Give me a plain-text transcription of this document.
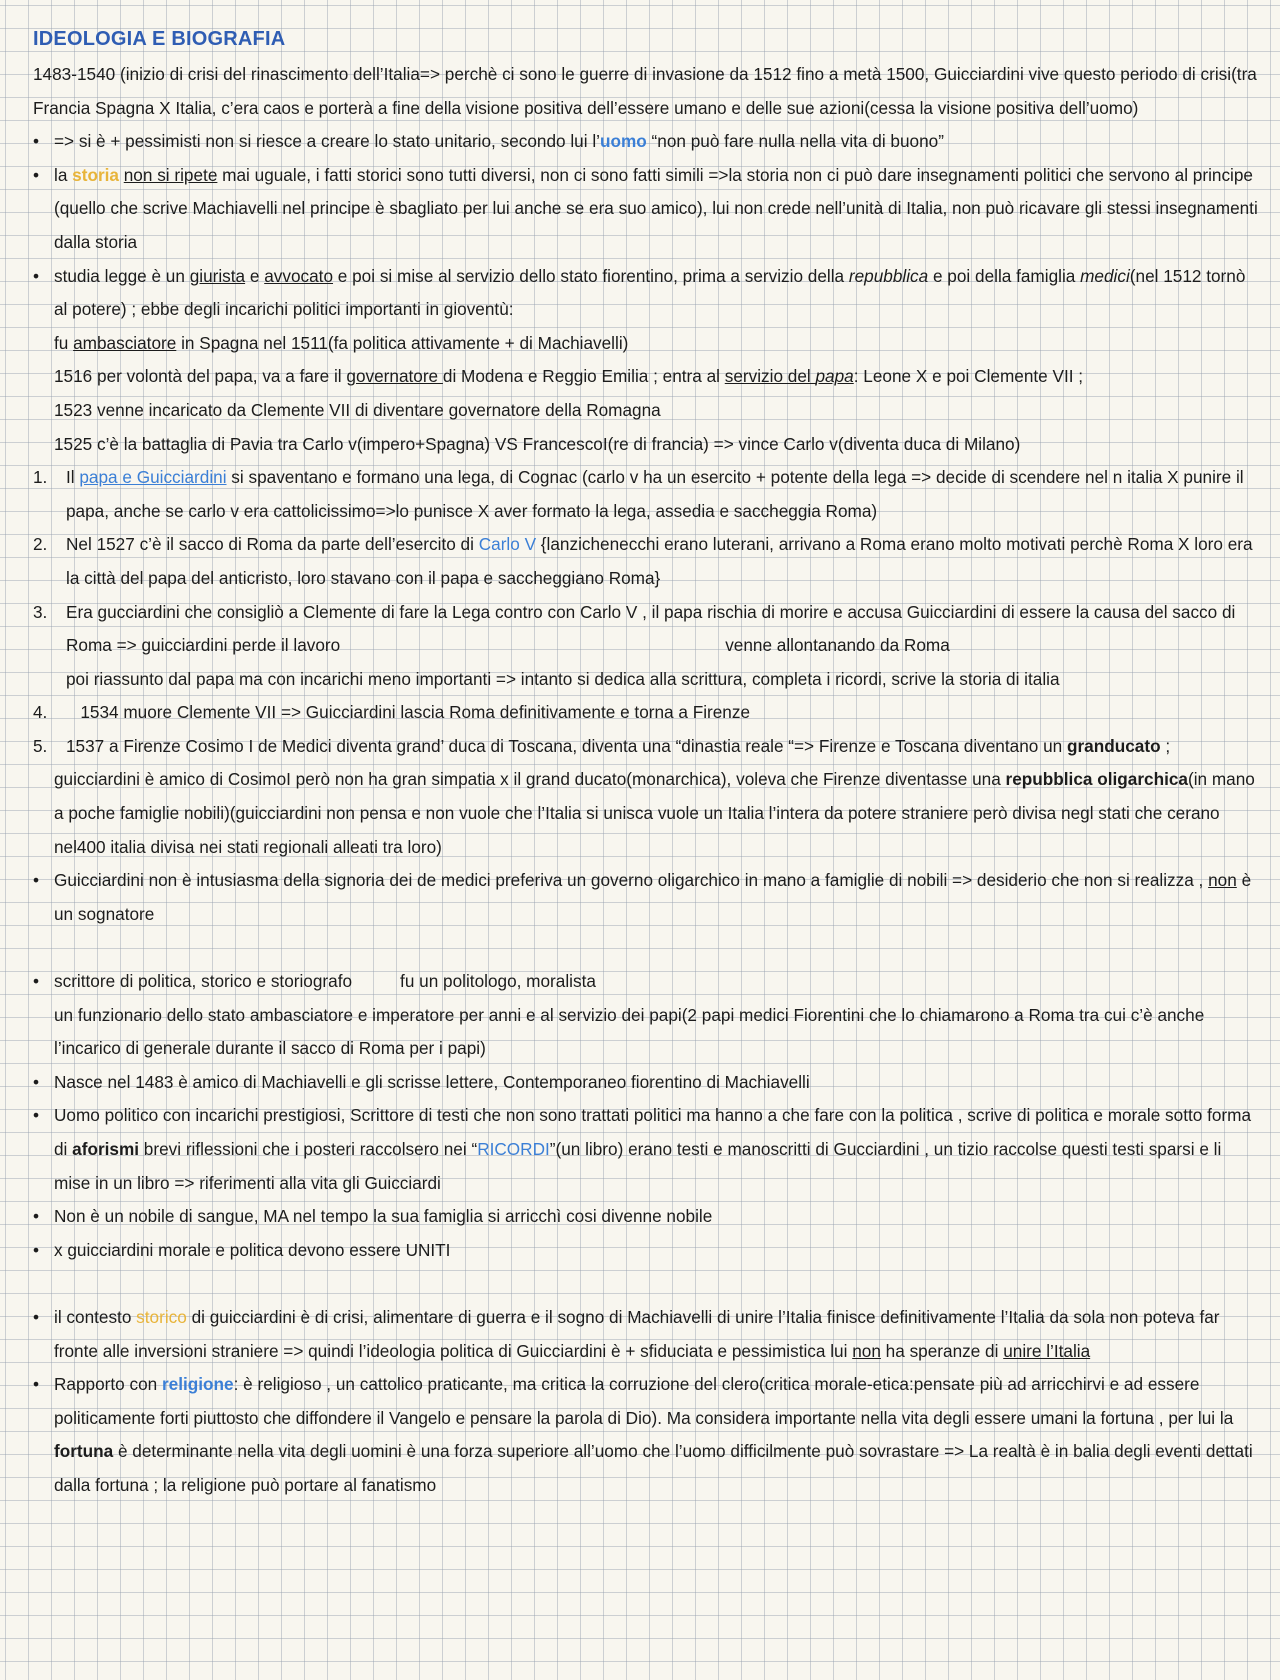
IDEOLOGIA E BIOGRAFIA

1483-1540 (inizio di crisi del rinascimento dell’Italia=> perchè ci sono le guerre di invasione da 1512 fino a metà 1500, Guicciardini vive questo periodo di crisi(tra Francia Spagna X Italia, c’era caos e porterà a fine della visione positiva dell’essere umano e delle sue azioni(cessa la visione positiva dell’uomo)

• => si è + pessimisti non si riesce a creare lo stato unitario, secondo lui l’uomo “non può fare nulla nella vita di buono”
• la storia non si ripete mai uguale, i fatti storici sono tutti diversi, non ci sono fatti simili =>la storia non ci può dare insegnamenti politici che servono al principe (quello che scrive Machiavelli nel principe è sbagliato per lui anche se era suo amico), lui non crede nell’unità di Italia, non può ricavare gli stessi insegnamenti dalla storia
• studia legge è un giurista e avvocato e poi si mise al servizio dello stato fiorentino, prima a servizio della repubblica e poi della famiglia medici(nel 1512 tornò al potere) ; ebbe degli incarichi politici importanti in gioventù:
fu ambasciatore in Spagna nel 1511(fa politica attivamente + di Machiavelli)
1516 per volontà del papa, va a fare il governatore di Modena e Reggio Emilia ; entra al servizio del papa: Leone X e poi Clemente VII ;
1523 venne incaricato da Clemente VII di diventare governatore della Romagna
1525 c’è la battaglia di Pavia tra Carlo v(impero+Spagna) VS FrancescoI(re di francia) => vince Carlo v(diventa duca di Milano)
1. Il papa e Guicciardini si spaventano e formano una lega, di Cognac (carlo v ha un esercito + potente della lega => decide di scendere nel n italia X punire il papa, anche se carlo v era cattolicissimo=>lo punisce X aver formato la lega, assedia e saccheggia Roma)
2. Nel 1527 c’è il sacco di Roma da parte dell’esercito di Carlo V {lanzichenecchi erano luterani, arrivano a Roma erano molto motivati perchè Roma X loro era la città del papa del anticristo, loro stavano con il papa e saccheggiano Roma}
3. Era gucciardini che consigliò a Clemente di fare la Lega contro con Carlo V , il papa rischia di morire e accusa Guicciardini di essere la causa del sacco di Roma => guicciardini perde il lavoro	venne allontanando da Roma
poi riassunto dal papa ma con incarichi meno importanti => intanto si dedica alla scrittura, completa i ricordi, scrive la storia di italia
4. 1534 muore Clemente VII => Guicciardini lascia Roma definitivamente e torna a Firenze
5. 1537 a Firenze Cosimo I de Medici diventa grand’ duca di Toscana, diventa una “dinastia reale “=> Firenze e Toscana diventano un granducato ; guicciardini è amico di CosimoI però non ha gran simpatia x il grand ducato(monarchica), voleva che Firenze diventasse una repubblica oligarchica(in mano a poche famiglie nobili)(guicciardini non pensa e non vuole che l’Italia si unisca vuole un Italia l’intera da potere straniere però divisa negl stati che cerano nel400 italia divisa nei stati regionali alleati tra loro)
• Guicciardini non è intusiasma della signoria dei de medici preferiva un governo oligarchico in mano a famiglie di nobili => desiderio che non si realizza , non è un sognatore
• scrittore di politica, storico e storiografo	fu un politologo, moralista
un funzionario dello stato ambasciatore e imperatore per anni e al servizio dei papi(2 papi medici Fiorentini che lo chiamarono a Roma tra cui c’è anche l’incarico di generale durante il sacco di Roma per i papi)
• Nasce nel 1483 è amico di Machiavelli e gli scrisse lettere, Contemporaneo fiorentino di Machiavelli
• Uomo politico con incarichi prestigiosi, Scrittore di testi che non sono trattati politici ma hanno a che fare con la politica , scrive di politica e morale sotto forma di aforismi brevi riflessioni che i posteri raccolsero nei “RICORDI”(un libro) erano testi e manoscritti di Gucciardini , un tizio raccolse questi testi sparsi e li mise in un libro => riferimenti alla vita gli Guicciardi
• Non è un nobile di sangue, MA nel tempo la sua famiglia si arricchì cosi divenne nobile
• x guicciardini morale e politica devono essere UNITI
• il contesto storico di guicciardini è di crisi, alimentare di guerra e il sogno di Machiavelli di unire l’Italia finisce definitivamente l’Italia da sola non poteva far fronte alle inversioni straniere => quindi l’ideologia politica di Guicciardini è + sfiduciata e pessimistica lui non ha speranze di unire l’Italia
• Rapporto con religione: è religioso , un cattolico praticante, ma critica la corruzione del clero(critica morale-etica:pensate più ad arricchirvi e ad essere politicamente forti piuttosto che diffondere il Vangelo e pensare la parola di Dio). Ma considera importante nella vita degli essere umani la fortuna , per lui la fortuna è determinante nella vita degli uomini è una forza superiore all’uomo che l’uomo difficilmente può sovrastare => La realtà è in balia degli eventi dettati dalla fortuna ; la religione può portare al fanatismo
